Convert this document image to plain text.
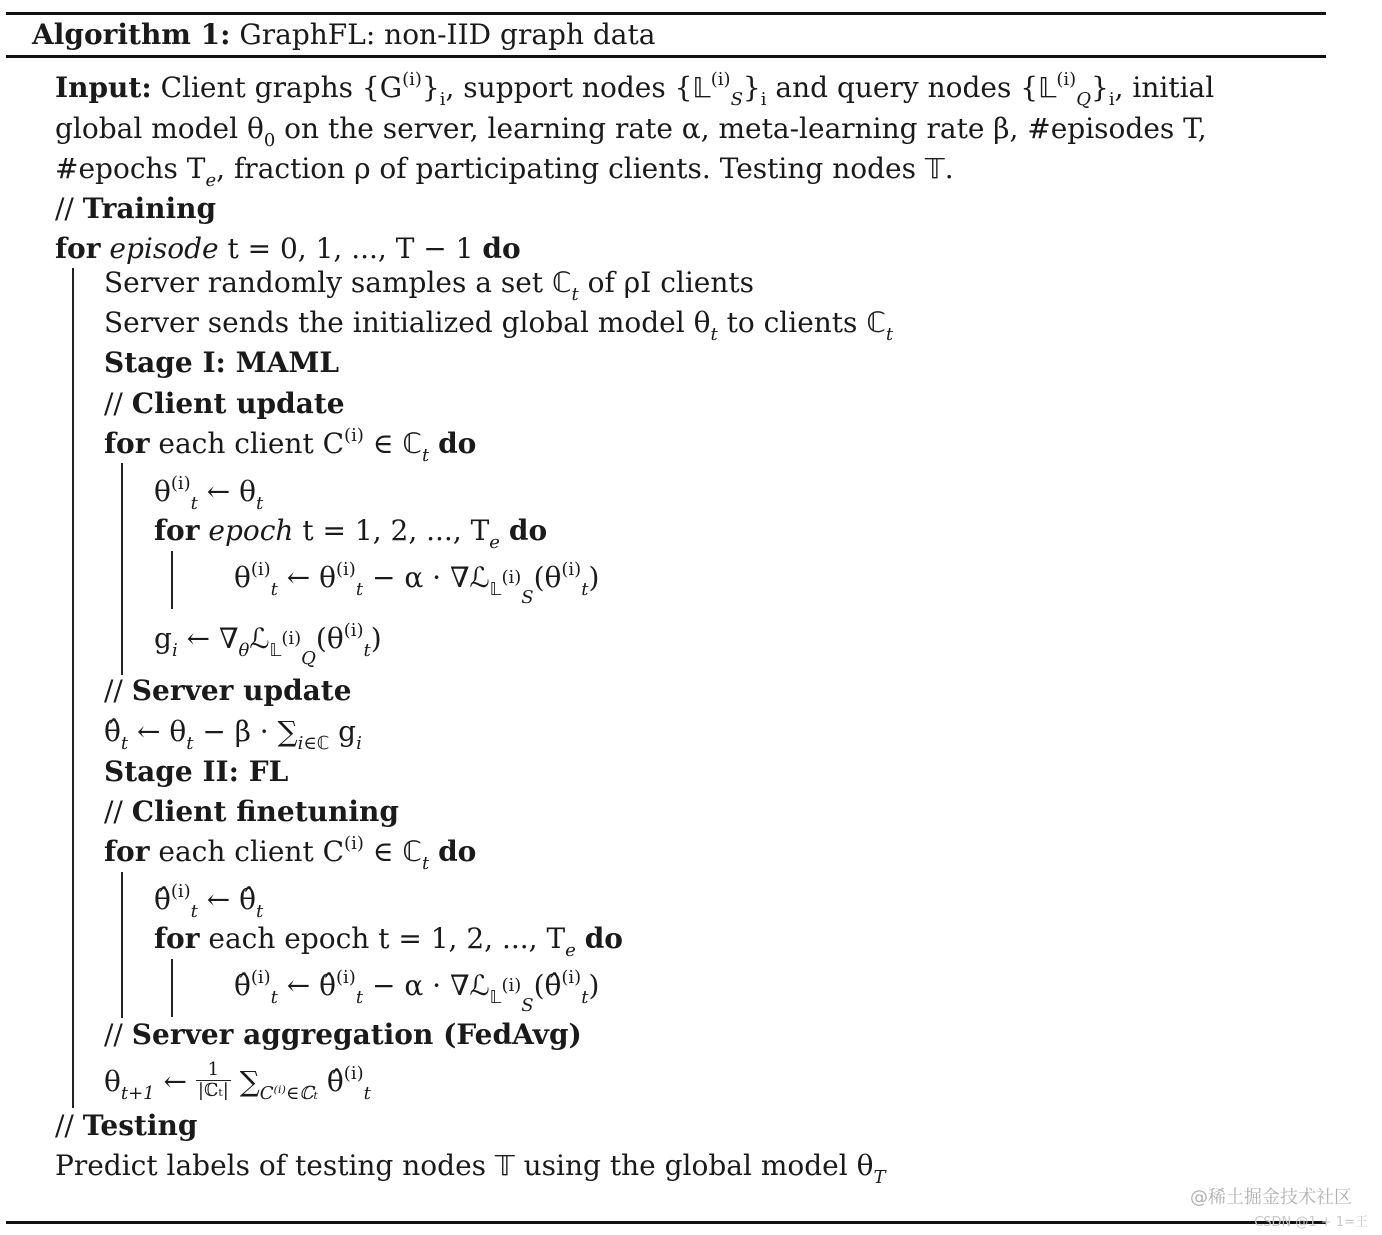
Algorithm 1: GraphFL: non-IID graph data
Input: Client graphs $\{G^{(i)}\}_i$, support nodes $\{𝕃^{(i)}_S\}_i$ and query nodes $\{𝕃^{(i)}_Q\}_i$, initial
global model $\theta_0$ on the server, learning rate α, meta-learning rate β, #episodes T,
#epochs $T_e$, fraction ρ of participating clients. Testing nodes 𝕋.
// Training
for episode t = 0, 1, ..., T − 1 do
Server randomly samples a set ℂ$_t$ of ρI clients
Server sends the initialized global model $\theta_t$ to clients ℂ$_t$
Stage I: MAML
// Client update
for each client $C^{(i)}$ ∈ ℂ$_t$ do
$\theta^{(i)}_t$ ← $\theta_t$
for epoch t = 1, 2, ..., $T_e$ do
$\theta^{(i)}_t$ ← $\theta^{(i)}_t - \alpha$ · $\nabla ℒ_{𝕃^{(i)}_S}(\theta^{(i)}_t)$
$g_i$ ← $\nabla_\theta ℒ_{𝕃^{(i)}_Q}(\theta^{(i)}_t)$
// Server update
$\thetâ_t$ ← $\theta_t - \beta \cdot \sum_{i\in ℂ}$ $g_i$
Stage II: FL
// Client finetuning
for each client $C^{(i)}$ ∈ ℂ$_t$ do
θ̂$^{(i)}_t$ ← $\thetâ_t$
for each epoch t = 1, 2, ..., $T_e$ do
θ̂$^{(i)}_t$ ← θ̂$^{(i)}_t$ − α · ∇ℒ$_{𝕃^{(i)}_S}$(θ̂$^{(i)}_t$)
// Server aggregation (FedAvg)
$\theta_{t+1}$ ← 1
|ℂₜ| $\sum_{C^{(i)}\in ℂ_t}$ θ̂$^{(i)}_t$
// Testing
Predict labels of testing nodes 𝕋 using the global model $\theta_T$
@稀土掘金技术社区
CSDN @1 + 1=王
